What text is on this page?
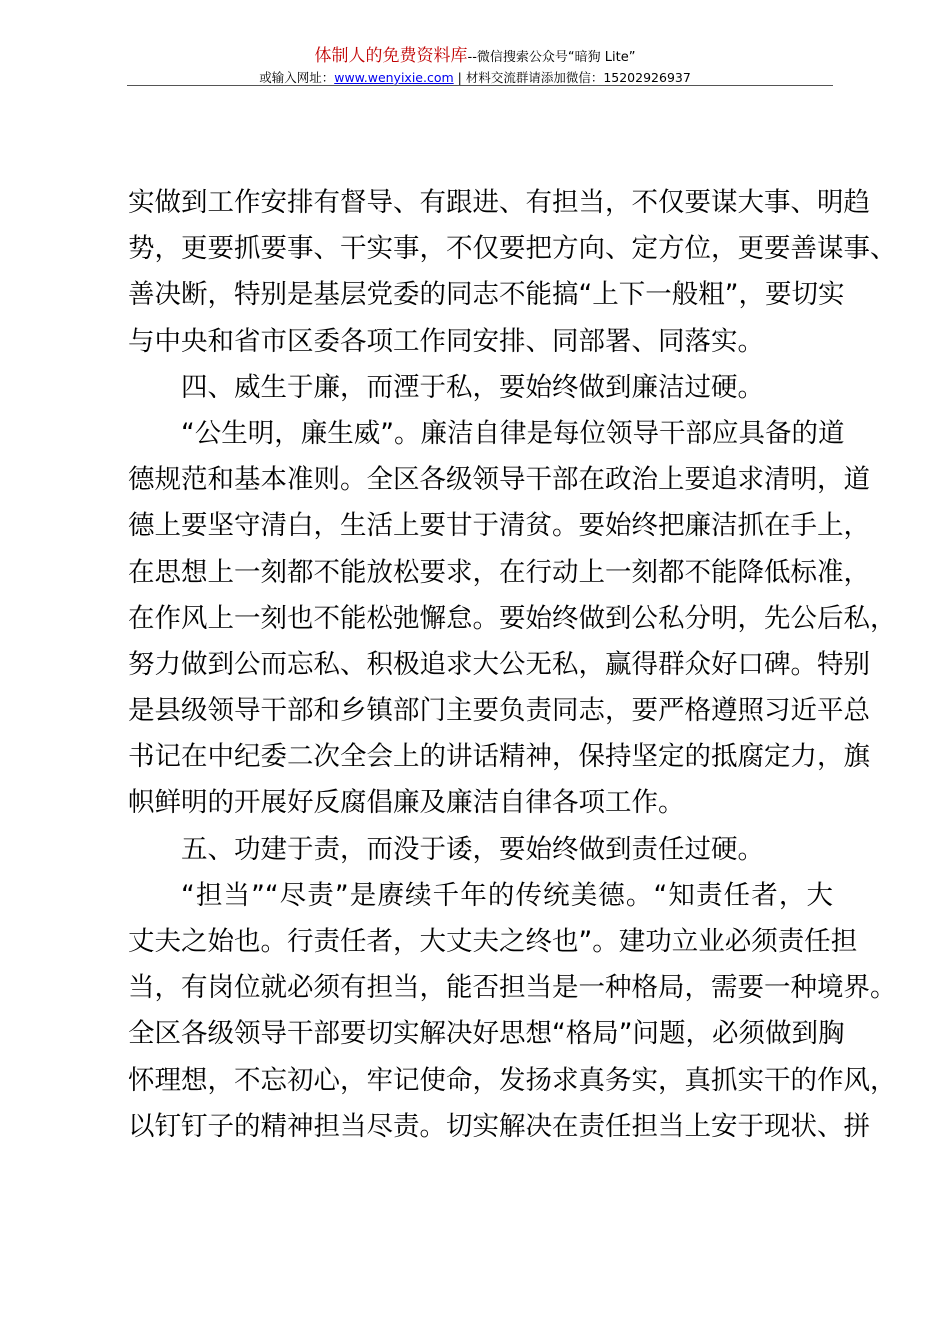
体制人的免费资料库--微信搜索公众号“暗狗 Lite”
或输入网址：www.wenyixie.com | 材料交流群请添加微信：15202926937
实做到工作安排有督导、有跟进、有担当，不仅要谋大事、明趋
势，更要抓要事、干实事，不仅要把方向、定方位，更要善谋事、
善决断，特别是基层党委的同志不能搞“上下一般粗”，要切实
与中央和省市区委各项工作同安排、同部署、同落实。
四、威生于廉，而湮于私，要始终做到廉洁过硬。
“公生明，廉生威”。廉洁自律是每位领导干部应具备的道
德规范和基本准则。全区各级领导干部在政治上要追求清明，道
德上要坚守清白，生活上要甘于清贫。要始终把廉洁抓在手上，
在思想上一刻都不能放松要求，在行动上一刻都不能降低标准，
在作风上一刻也不能松弛懈怠。要始终做到公私分明，先公后私，
努力做到公而忘私、积极追求大公无私，赢得群众好口碑。特别
是县级领导干部和乡镇部门主要负责同志，要严格遵照习近平总
书记在中纪委二次全会上的讲话精神，保持坚定的抵腐定力，旗
帜鲜明的开展好反腐倡廉及廉洁自律各项工作。
五、功建于责，而没于诿，要始终做到责任过硬。
“担当”“尽责”是赓续千年的传统美德。“知责任者，大
丈夫之始也。行责任者，大丈夫之终也”。建功立业必须责任担
当，有岗位就必须有担当，能否担当是一种格局，需要一种境界。
全区各级领导干部要切实解决好思想“格局”问题，必须做到胸
怀理想，不忘初心，牢记使命，发扬求真务实，真抓实干的作风，
以钉钉子的精神担当尽责。切实解决在责任担当上安于现状、拼
